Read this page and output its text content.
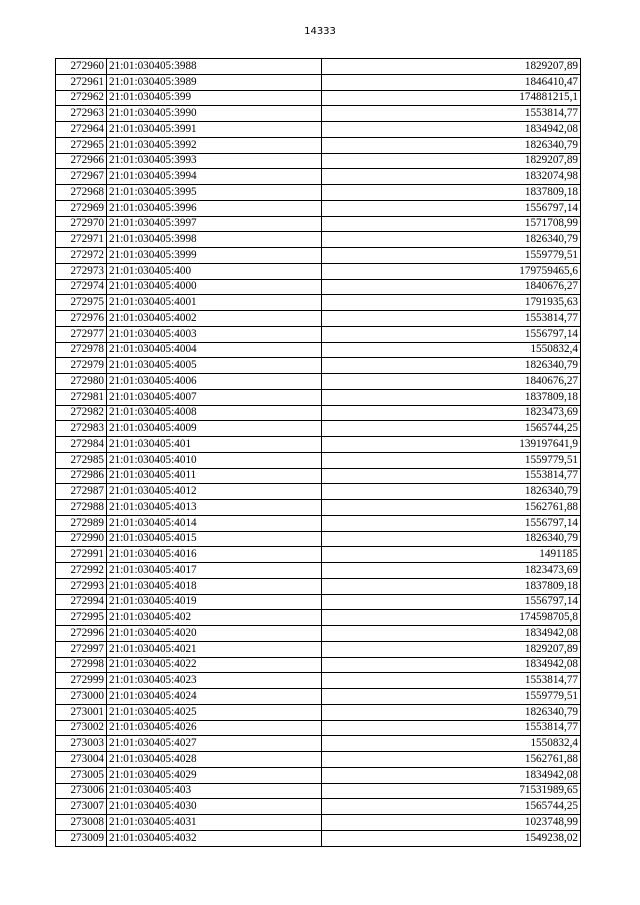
14333
272960	21:01:030405:3988	1829207,89
272961	21:01:030405:3989	1846410,47
272962	21:01:030405:399	174881215,1
272963	21:01:030405:3990	1553814,77
272964	21:01:030405:3991	1834942,08
272965	21:01:030405:3992	1826340,79
272966	21:01:030405:3993	1829207,89
272967	21:01:030405:3994	1832074,98
272968	21:01:030405:3995	1837809,18
272969	21:01:030405:3996	1556797,14
272970	21:01:030405:3997	1571708,99
272971	21:01:030405:3998	1826340,79
272972	21:01:030405:3999	1559779,51
272973	21:01:030405:400	179759465,6
272974	21:01:030405:4000	1840676,27
272975	21:01:030405:4001	1791935,63
272976	21:01:030405:4002	1553814,77
272977	21:01:030405:4003	1556797,14
272978	21:01:030405:4004	1550832,4
272979	21:01:030405:4005	1826340,79
272980	21:01:030405:4006	1840676,27
272981	21:01:030405:4007	1837809,18
272982	21:01:030405:4008	1823473,69
272983	21:01:030405:4009	1565744,25
272984	21:01:030405:401	139197641,9
272985	21:01:030405:4010	1559779,51
272986	21:01:030405:4011	1553814,77
272987	21:01:030405:4012	1826340,79
272988	21:01:030405:4013	1562761,88
272989	21:01:030405:4014	1556797,14
272990	21:01:030405:4015	1826340,79
272991	21:01:030405:4016	1491185
272992	21:01:030405:4017	1823473,69
272993	21:01:030405:4018	1837809,18
272994	21:01:030405:4019	1556797,14
272995	21:01:030405:402	174598705,8
272996	21:01:030405:4020	1834942,08
272997	21:01:030405:4021	1829207,89
272998	21:01:030405:4022	1834942,08
272999	21:01:030405:4023	1553814,77
273000	21:01:030405:4024	1559779,51
273001	21:01:030405:4025	1826340,79
273002	21:01:030405:4026	1553814,77
273003	21:01:030405:4027	1550832,4
273004	21:01:030405:4028	1562761,88
273005	21:01:030405:4029	1834942,08
273006	21:01:030405:403	71531989,65
273007	21:01:030405:4030	1565744,25
273008	21:01:030405:4031	1023748,99
273009	21:01:030405:4032	1549238,02
